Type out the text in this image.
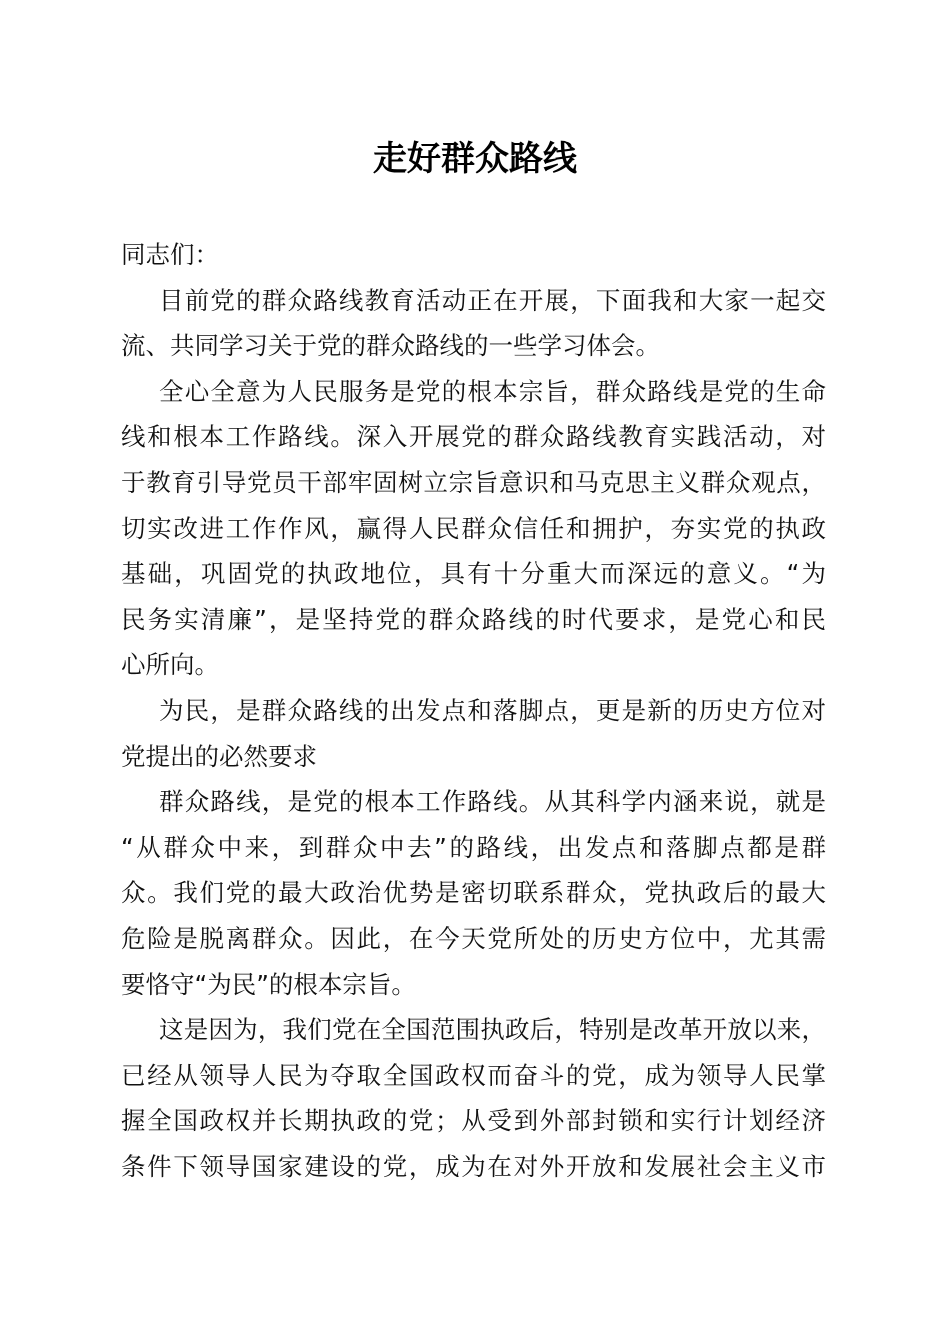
走好群众路线
同志们：
目前党的群众路线教育活动正在开展，下面我和大家一起交
流、共同学习关于党的群众路线的一些学习体会。
全心全意为人民服务是党的根本宗旨，群众路线是党的生命
线和根本工作路线。深入开展党的群众路线教育实践活动，对
于教育引导党员干部牢固树立宗旨意识和马克思主义群众观点，
切实改进工作作风，赢得人民群众信任和拥护，夯实党的执政
基础，巩固党的执政地位，具有十分重大而深远的意义。“为
民务实清廉”，是坚持党的群众路线的时代要求，是党心和民
心所向。
为民，是群众路线的出发点和落脚点，更是新的历史方位对
党提出的必然要求
群众路线，是党的根本工作路线。从其科学内涵来说，就是
“从群众中来，到群众中去”的路线，出发点和落脚点都是群
众。我们党的最大政治优势是密切联系群众，党执政后的最大
危险是脱离群众。因此，在今天党所处的历史方位中，尤其需
要恪守“为民”的根本宗旨。
这是因为，我们党在全国范围执政后，特别是改革开放以来，
已经从领导人民为夺取全国政权而奋斗的党，成为领导人民掌
握全国政权并长期执政的党；从受到外部封锁和实行计划经济
条件下领导国家建设的党，成为在对外开放和发展社会主义市
